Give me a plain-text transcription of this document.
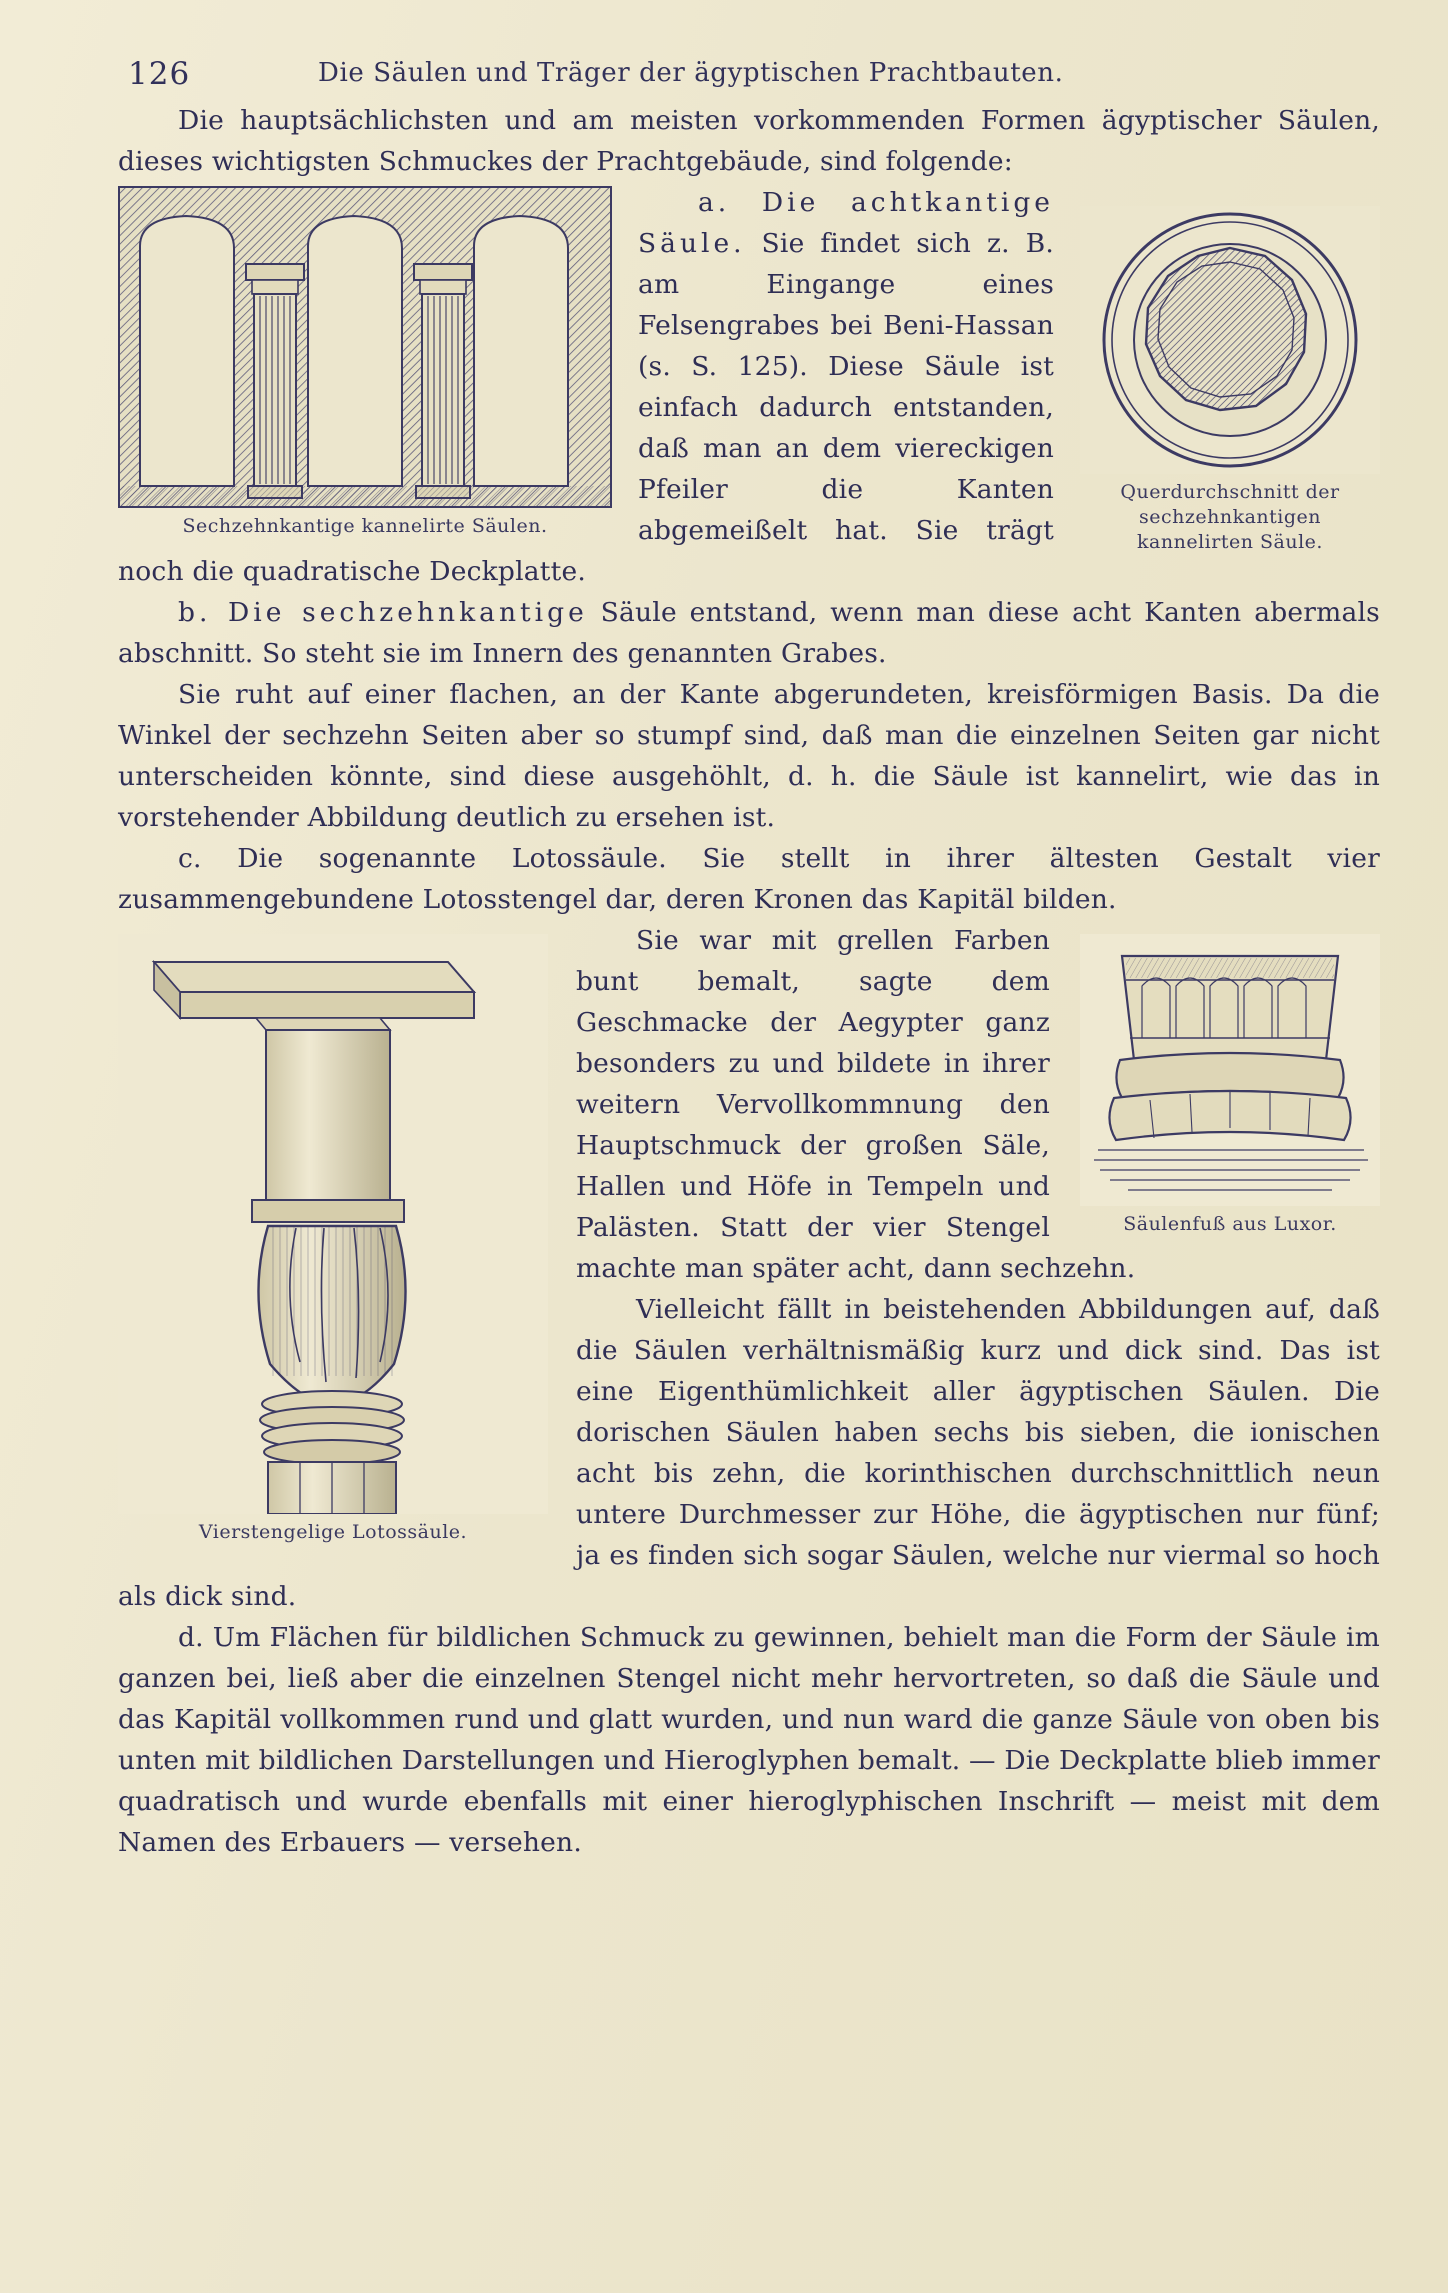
126	Die Säulen und Träger der ägyptischen Prachtbauten.

Die hauptsächlichsten und am meisten vorkommenden Formen ägyptischer Säulen, dieses wichtigsten Schmuckes der Prachtgebäude, sind folgende:

Sechzehnkantige kannelirte Säulen.
Querdurchschnitt der sechzehnkantigen kannelirten Säule.

a. Die achtkantige Säule. Sie findet sich z. B. am Eingange eines Felsengrabes bei Beni‑Hassan (s. S. 125). Diese Säule ist einfach dadurch entstanden, daß man an dem viereckigen Pfeiler die Kanten abgemeißelt hat. Sie trägt noch die quadratische Deckplatte.

b. Die sechzehnkantige Säule entstand, wenn man diese acht Kanten abermals abschnitt. So steht sie im Innern des genannten Grabes.

Sie ruht auf einer flachen, an der Kante abgerundeten, kreisförmigen Basis. Da die Winkel der sechzehn Seiten aber so stumpf sind, daß man die einzelnen Seiten gar nicht unterscheiden könnte, sind diese ausgehöhlt, d. h. die Säule ist kannelirt, wie das in vorstehender Abbildung deutlich zu ersehen ist.

c. Die sogenannte Lotossäule. Sie stellt in ihrer ältesten Gestalt vier zusammengebundene Lotosstengel dar, deren Kronen das Kapitäl bilden.

Vierstengelige Lotossäule.
Säulenfuß aus Luxor.

Sie war mit grellen Farben bunt bemalt, sagte dem Geschmacke der Aegypter ganz besonders zu und bildete in ihrer weitern Vervollkommnung den Hauptschmuck der großen Säle, Hallen und Höfe in Tempeln und Palästen. Statt der vier Stengel machte man später acht, dann sechzehn.

Vielleicht fällt in beistehenden Abbildungen auf, daß die Säulen verhältnismäßig kurz und dick sind. Das ist eine Eigenthümlichkeit aller ägyptischen Säulen. Die dorischen Säulen haben sechs bis sieben, die ionischen acht bis zehn, die korinthischen durchschnittlich neun untere Durchmesser zur Höhe, die ägyptischen nur fünf; ja es finden sich sogar Säulen, welche nur viermal so hoch als dick sind.

d. Um Flächen für bildlichen Schmuck zu gewinnen, behielt man die Form der Säule im ganzen bei, ließ aber die einzelnen Stengel nicht mehr hervortreten, so daß die Säule und das Kapitäl vollkommen rund und glatt wurden, und nun ward die ganze Säule von oben bis unten mit bildlichen Darstellungen und Hieroglyphen bemalt. — Die Deckplatte blieb immer quadratisch und wurde ebenfalls mit einer hieroglyphischen Inschrift — meist mit dem Namen des Erbauers — versehen.
